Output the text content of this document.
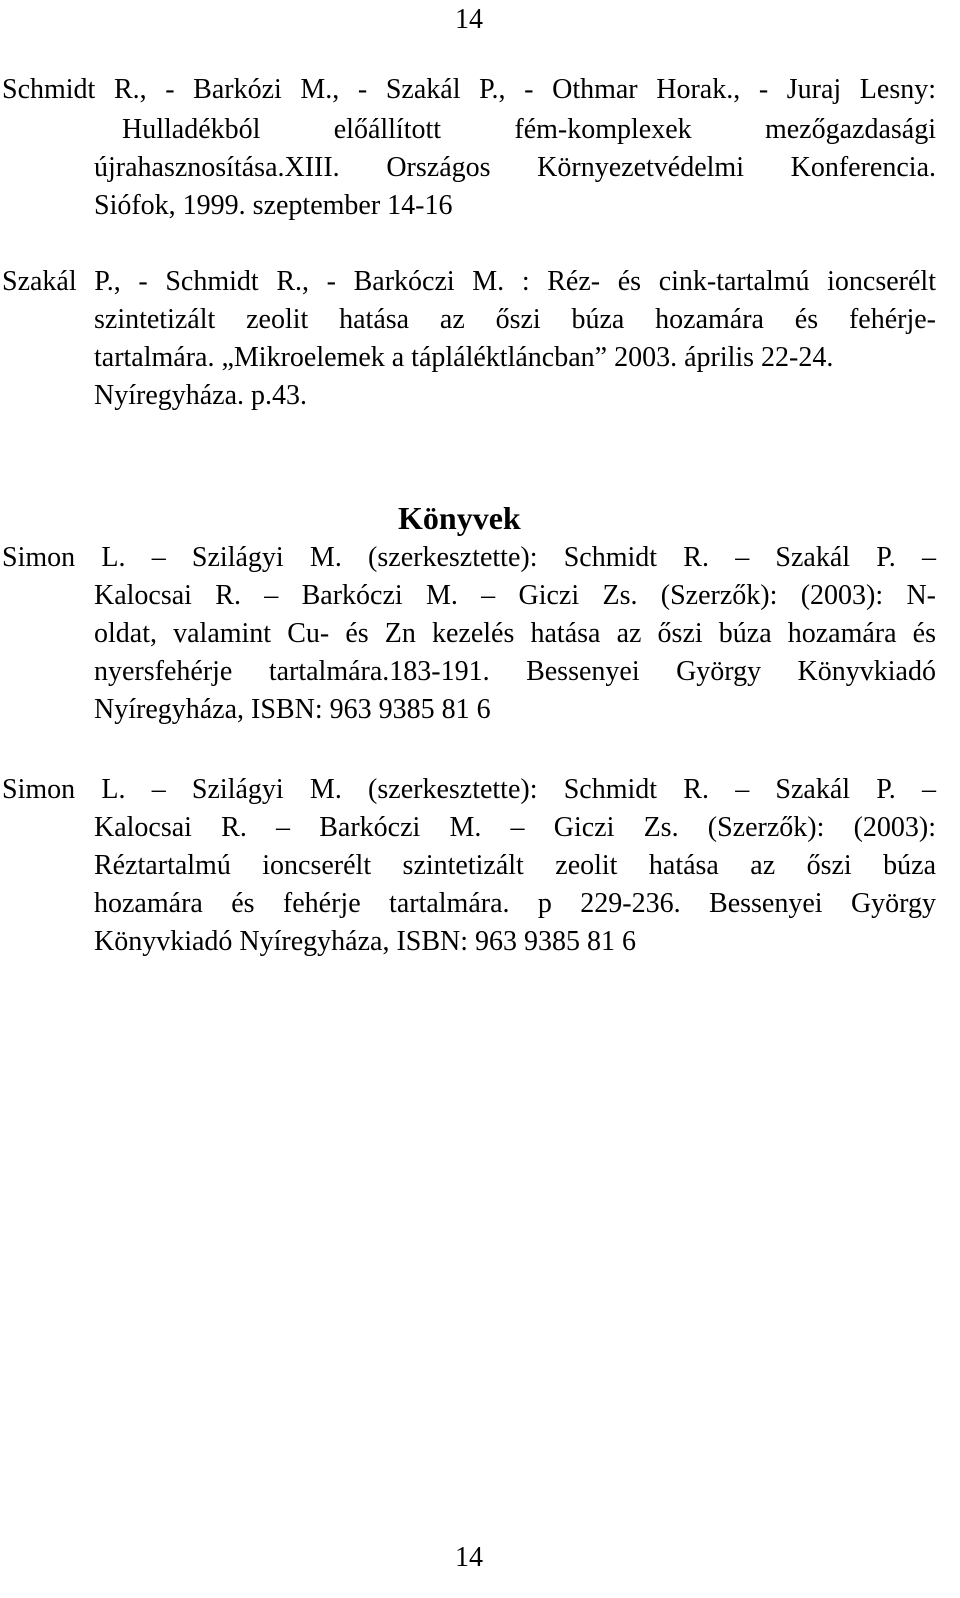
14
Schmidt R., - Barkózi M., - Szakál P., - Othmar Horak., - Juraj Lesny:
Hulladékból előállított fém-komplexek mezőgazdasági
újrahasznosítása.XIII. Országos Környezetvédelmi Konferencia.
Siófok, 1999. szeptember 14-16
Szakál P., - Schmidt R., - Barkóczi M. : Réz- és cink-tartalmú ioncserélt
szintetizált zeolit hatása az őszi búza hozamára és fehérje-
tartalmára. „Mikroelemek a tápláléktláncban” 2003. április 22-24.
Nyíregyháza. p.43.
Könyvek
Simon L. – Szilágyi M. (szerkesztette): Schmidt R. – Szakál P. –
Kalocsai R. – Barkóczi M. – Giczi Zs. (Szerzők): (2003): N-
oldat, valamint Cu- és Zn kezelés hatása az őszi búza hozamára és
nyersfehérje tartalmára.183-191. Bessenyei György Könyvkiadó
Nyíregyháza, ISBN: 963 9385 81 6
Simon L. – Szilágyi M. (szerkesztette): Schmidt R. – Szakál P. –
Kalocsai R. – Barkóczi M. – Giczi Zs. (Szerzők): (2003):
Réztartalmú ioncserélt szintetizált zeolit hatása az őszi búza
hozamára és fehérje tartalmára. p 229-236. Bessenyei György
Könyvkiadó Nyíregyháza, ISBN: 963 9385 81 6
14
